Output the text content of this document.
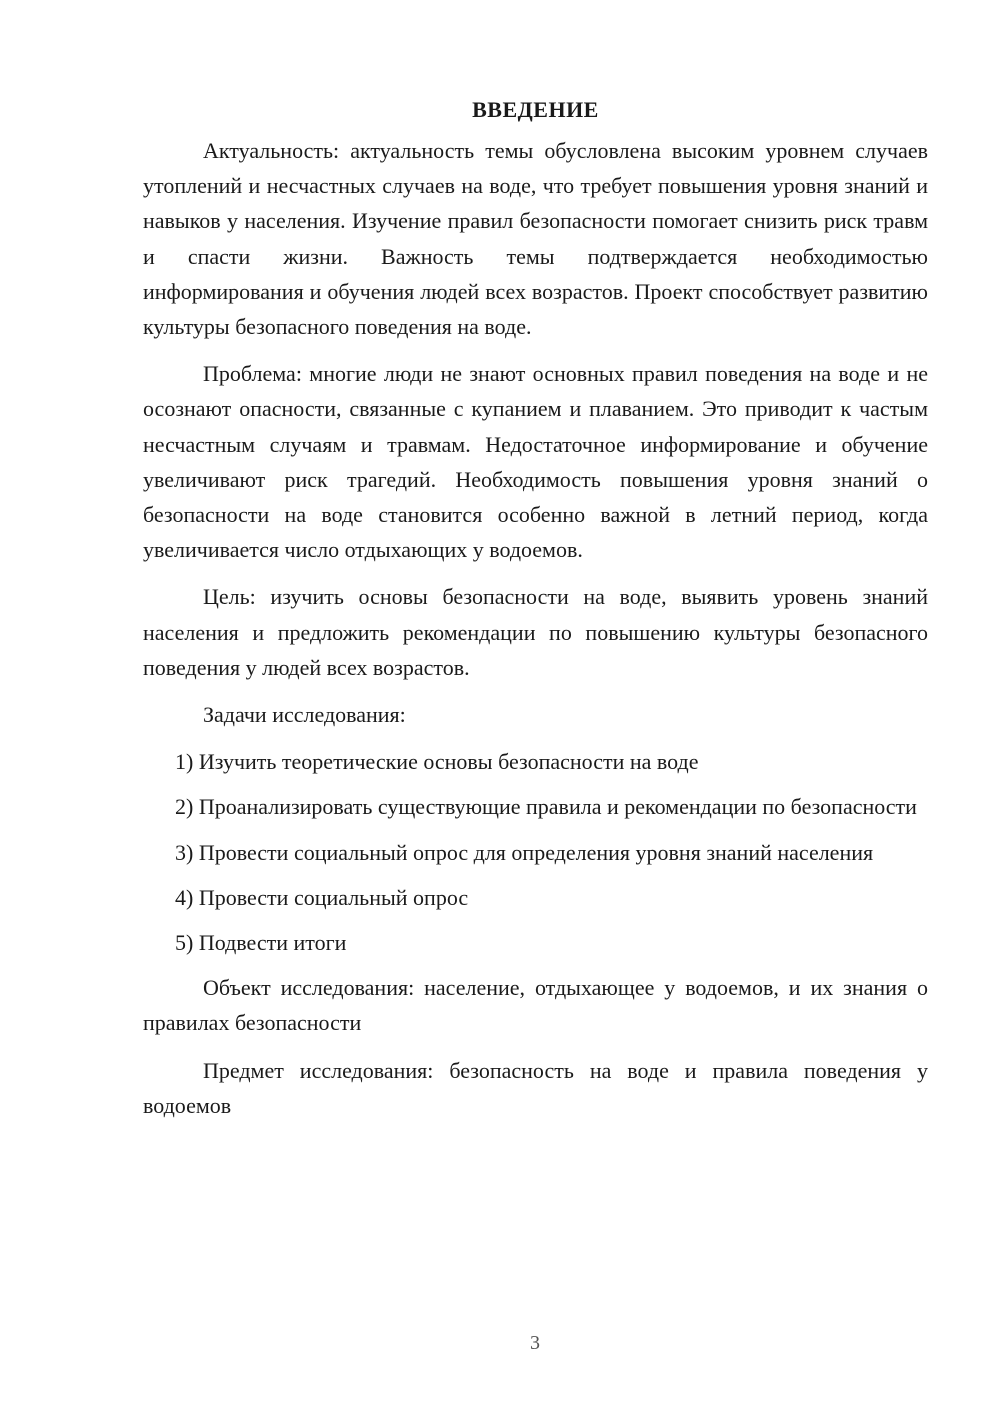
ВВЕДЕНИЕ

Актуальность: актуальность темы обусловлена высоким уровнем случаев утоплений и несчастных случаев на воде, что требует повышения уровня знаний и навыков у населения. Изучение правил безопасности помогает снизить риск травм и спасти жизни. Важность темы подтверждается необходимостью информирования и обучения людей всех возрастов. Проект способствует развитию культуры безопасного поведения на воде.

Проблема: многие люди не знают основных правил поведения на воде и не осознают опасности, связанные с купанием и плаванием. Это приводит к частым несчастным случаям и травмам. Недостаточное информирование и обучение увеличивают риск трагедий. Необходимость повышения уровня знаний о безопасности на воде становится особенно важной в летний период, когда увеличивается число отдыхающих у водоемов.

Цель: изучить основы безопасности на воде, выявить уровень знаний населения и предложить рекомендации по повышению культуры безопасного поведения у людей всех возрастов.

Задачи исследования:

1) Изучить теоретические основы безопасности на воде

2) Проанализировать существующие правила и рекомендации по безопасности

3) Провести социальный опрос для определения уровня знаний населения

4) Провести социальный опрос

5) Подвести итоги

Объект исследования: население, отдыхающее у водоемов, и их знания о правилах безопасности

Предмет исследования: безопасность на воде и правила поведения у водоемов

3
